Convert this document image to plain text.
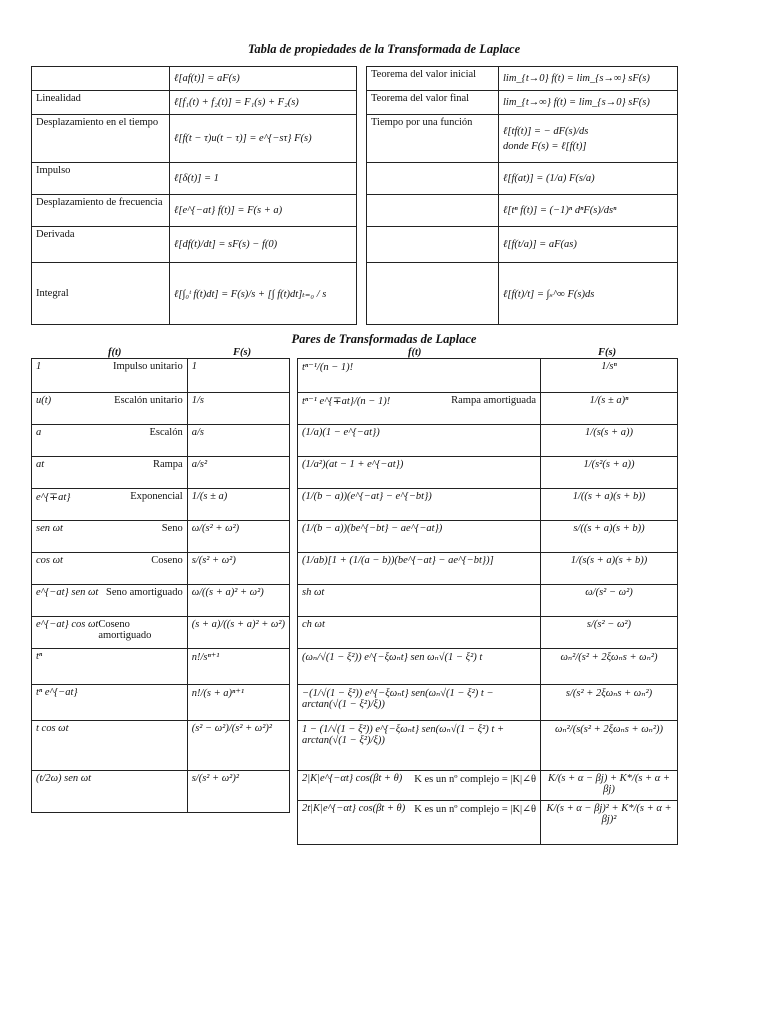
Tabla de propiedades de la Transformada de Laplace
	ℓ[af(t)] = aF(s)
Linealidad	ℓ[f₁(t) + f₂(t)] = F₁(s) + F₂(s)
Desplazamiento en el tiempo	ℓ[f(t − τ)u(t − τ)] = e^{−sτ} F(s)
Impulso	ℓ[δ(t)] = 1
Desplazamiento de frecuencia	ℓ[e^{−at} f(t)] = F(s + a)
Derivada	ℓ[df(t)/dt] = sF(s) − f(0)
Integral	ℓ[∫₀ᵗ f(t)dt] = F(s)/s + [∫ f(t)dt]ₜ₌₀ / s
Teorema del valor inicial	lim_{t→0} f(t) = lim_{s→∞} sF(s)

Teorema del valor final	lim_{t→∞} f(t) = lim_{s→0} sF(s)

Tiempo por una función	ℓ[tf(t)] = − dF(s)/ds
donde F(s) = ℓ[f(t)]

	ℓ[f(at)] = (1/a) F(s/a)

	ℓ[tⁿ f(t)] = (−1)ⁿ dⁿF(s)/dsⁿ

	ℓ[f(t/a)] = aF(as)

	ℓ[f(t)/t] = ∫ₛ^∞ F(s)ds
Pares de Transformadas de Laplace
f(t)	F(s)	f(t)	F(s)
1 Impulso unitario	1

u(t) Escalón unitario	1/s

a Escalón	a/s

at Rampa	a/s²

e^{∓at} Exponencial	1/(s ± a)

sen ωt Seno	ω/(s² + ω²)

cos ωt Coseno	s/(s² + ω²)

e^{−at} sen ωt Seno amortiguado	ω/((s + a)² + ω²)

e^{−at} cos ωt Coseno amortiguado	(s + a)/((s + a)² + ω²)

tⁿ	n!/sⁿ⁺¹

tⁿ e^{−at}	n!/(s + a)ⁿ⁺¹

t cos ωt	(s² − ω²)/(s² + ω²)²

(t/2ω) sen ωt	s/(s² + ω²)²
tⁿ⁻¹/(n − 1)!	1/sⁿ

tⁿ⁻¹ e^{∓at}/(n − 1)! Rampa amortiguada	1/(s ± a)ⁿ

(1/a)(1 − e^{−at})	1/(s(s + a))

(1/a²)(at − 1 + e^{−at})	1/(s²(s + a))

(1/(b − a))(e^{−at} − e^{−bt})	1/((s + a)(s + b))

(1/(b − a))(be^{−bt} − ae^{−at})	s/((s + a)(s + b))

(1/ab)[1 + (1/(a − b))(be^{−at} − ae^{−bt})]	1/(s(s + a)(s + b))

sh ωt	ω/(s² − ω²)

ch ωt	s/(s² − ω²)

(ωₙ/√(1 − ξ²)) e^{−ξωₙt} sen ωₙ√(1 − ξ²) t	ωₙ²/(s² + 2ξωₙs + ωₙ²)

−(1/√(1 − ξ²)) e^{−ξωₙt} sen(ωₙ√(1 − ξ²) t − arctan(√(1 − ξ²)/ξ))	s/(s² + 2ξωₙs + ωₙ²)

1 − (1/√(1 − ξ²)) e^{−ξωₙt} sen(ωₙ√(1 − ξ²) t + arctan(√(1 − ξ²)/ξ))	ωₙ²/(s(s² + 2ξωₙs + ωₙ²))

2|K|e^{−αt} cos(βt + θ) K es un nº complejo = |K|∠θ	K/(s + α − βj) + K*/(s + α + βj)

2t|K|e^{−αt} cos(βt + θ) K es un nº complejo = |K|∠θ	K/(s + α − βj)² + K*/(s + α + βj)²
